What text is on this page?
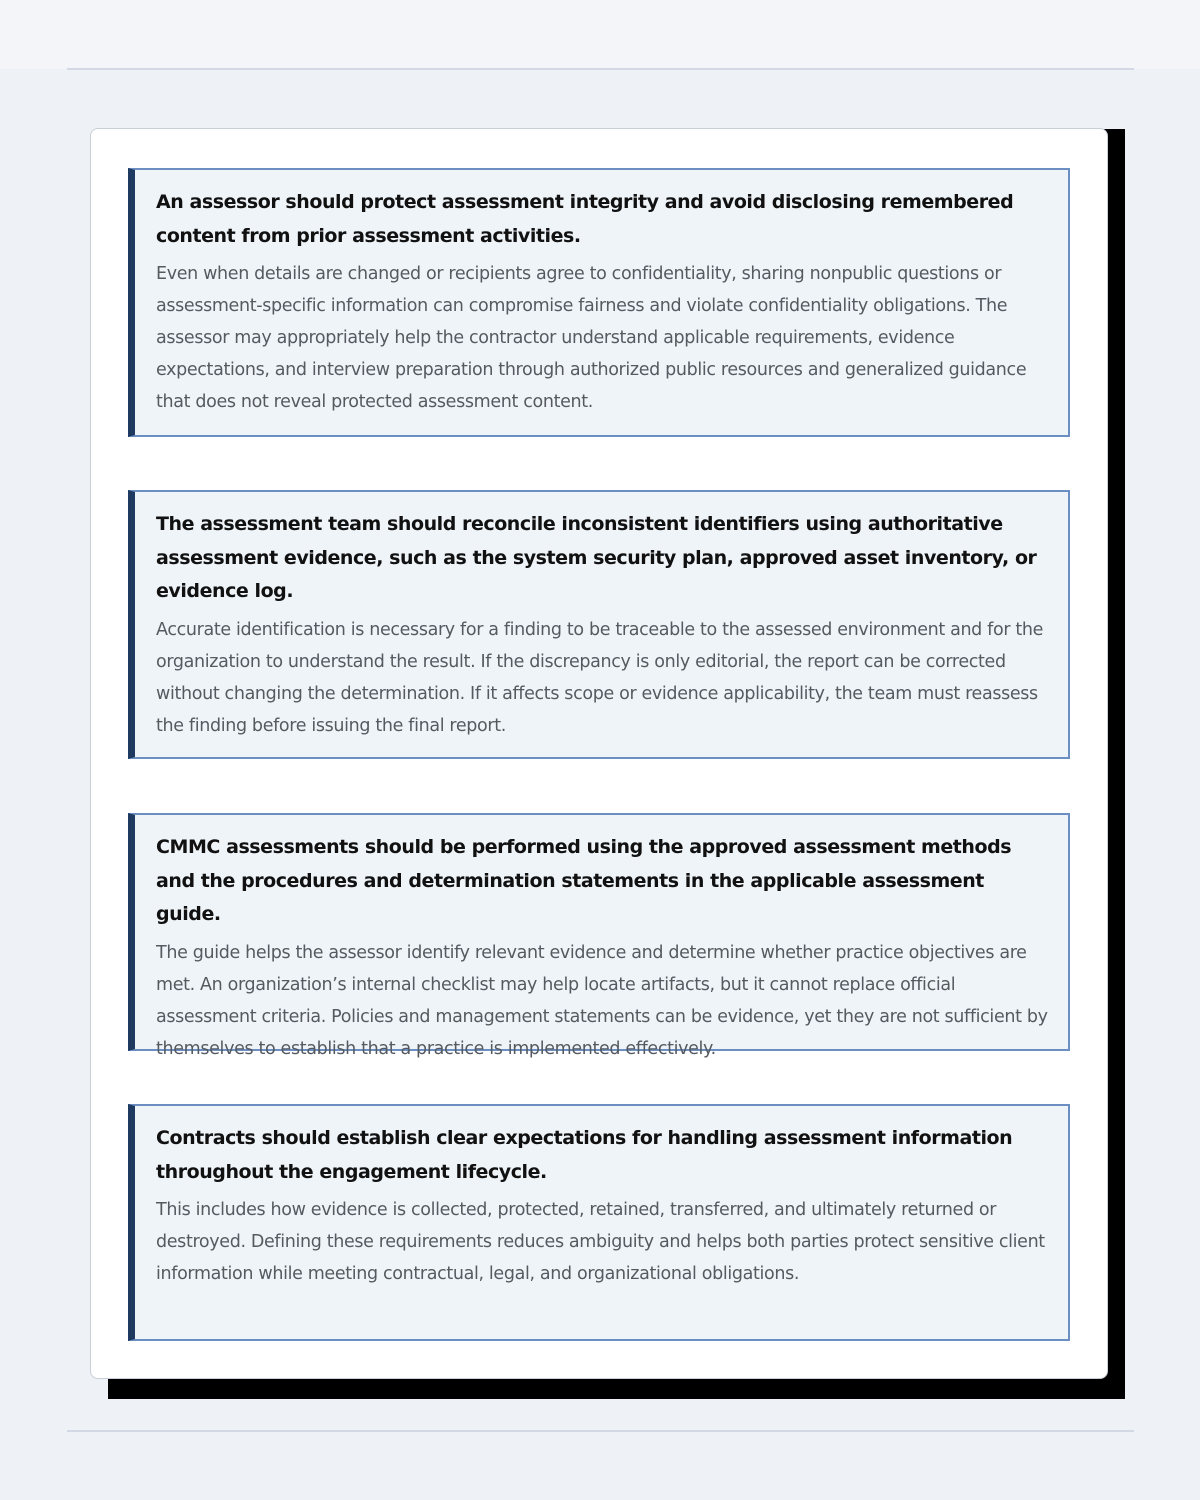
An assessor should protect assessment integrity and avoid disclosing remembered content from prior assessment activities.

Even when details are changed or recipients agree to confidentiality, sharing nonpublic questions or assessment-specific information can compromise fairness and violate confidentiality obligations. The assessor may appropriately help the contractor understand applicable requirements, evidence expectations, and interview preparation through authorized public resources and generalized guidance that does not reveal protected assessment content.

The assessment team should reconcile inconsistent identifiers using authoritative assessment evidence, such as the system security plan, approved asset inventory, or evidence log.

Accurate identification is necessary for a finding to be traceable to the assessed environment and for the organization to understand the result. If the discrepancy is only editorial, the report can be corrected without changing the determination. If it affects scope or evidence applicability, the team must reassess the finding before issuing the final report.

CMMC assessments should be performed using the approved assessment methods and the procedures and determination statements in the applicable assessment guide.

The guide helps the assessor identify relevant evidence and determine whether practice objectives are met. An organization’s internal checklist may help locate artifacts, but it cannot replace official assessment criteria. Policies and management statements can be evidence, yet they are not sufficient by themselves to establish that a practice is implemented effectively.

Contracts should establish clear expectations for handling assessment information throughout the engagement lifecycle.

This includes how evidence is collected, protected, retained, transferred, and ultimately returned or destroyed. Defining these requirements reduces ambiguity and helps both parties protect sensitive client information while meeting contractual, legal, and organizational obligations.
